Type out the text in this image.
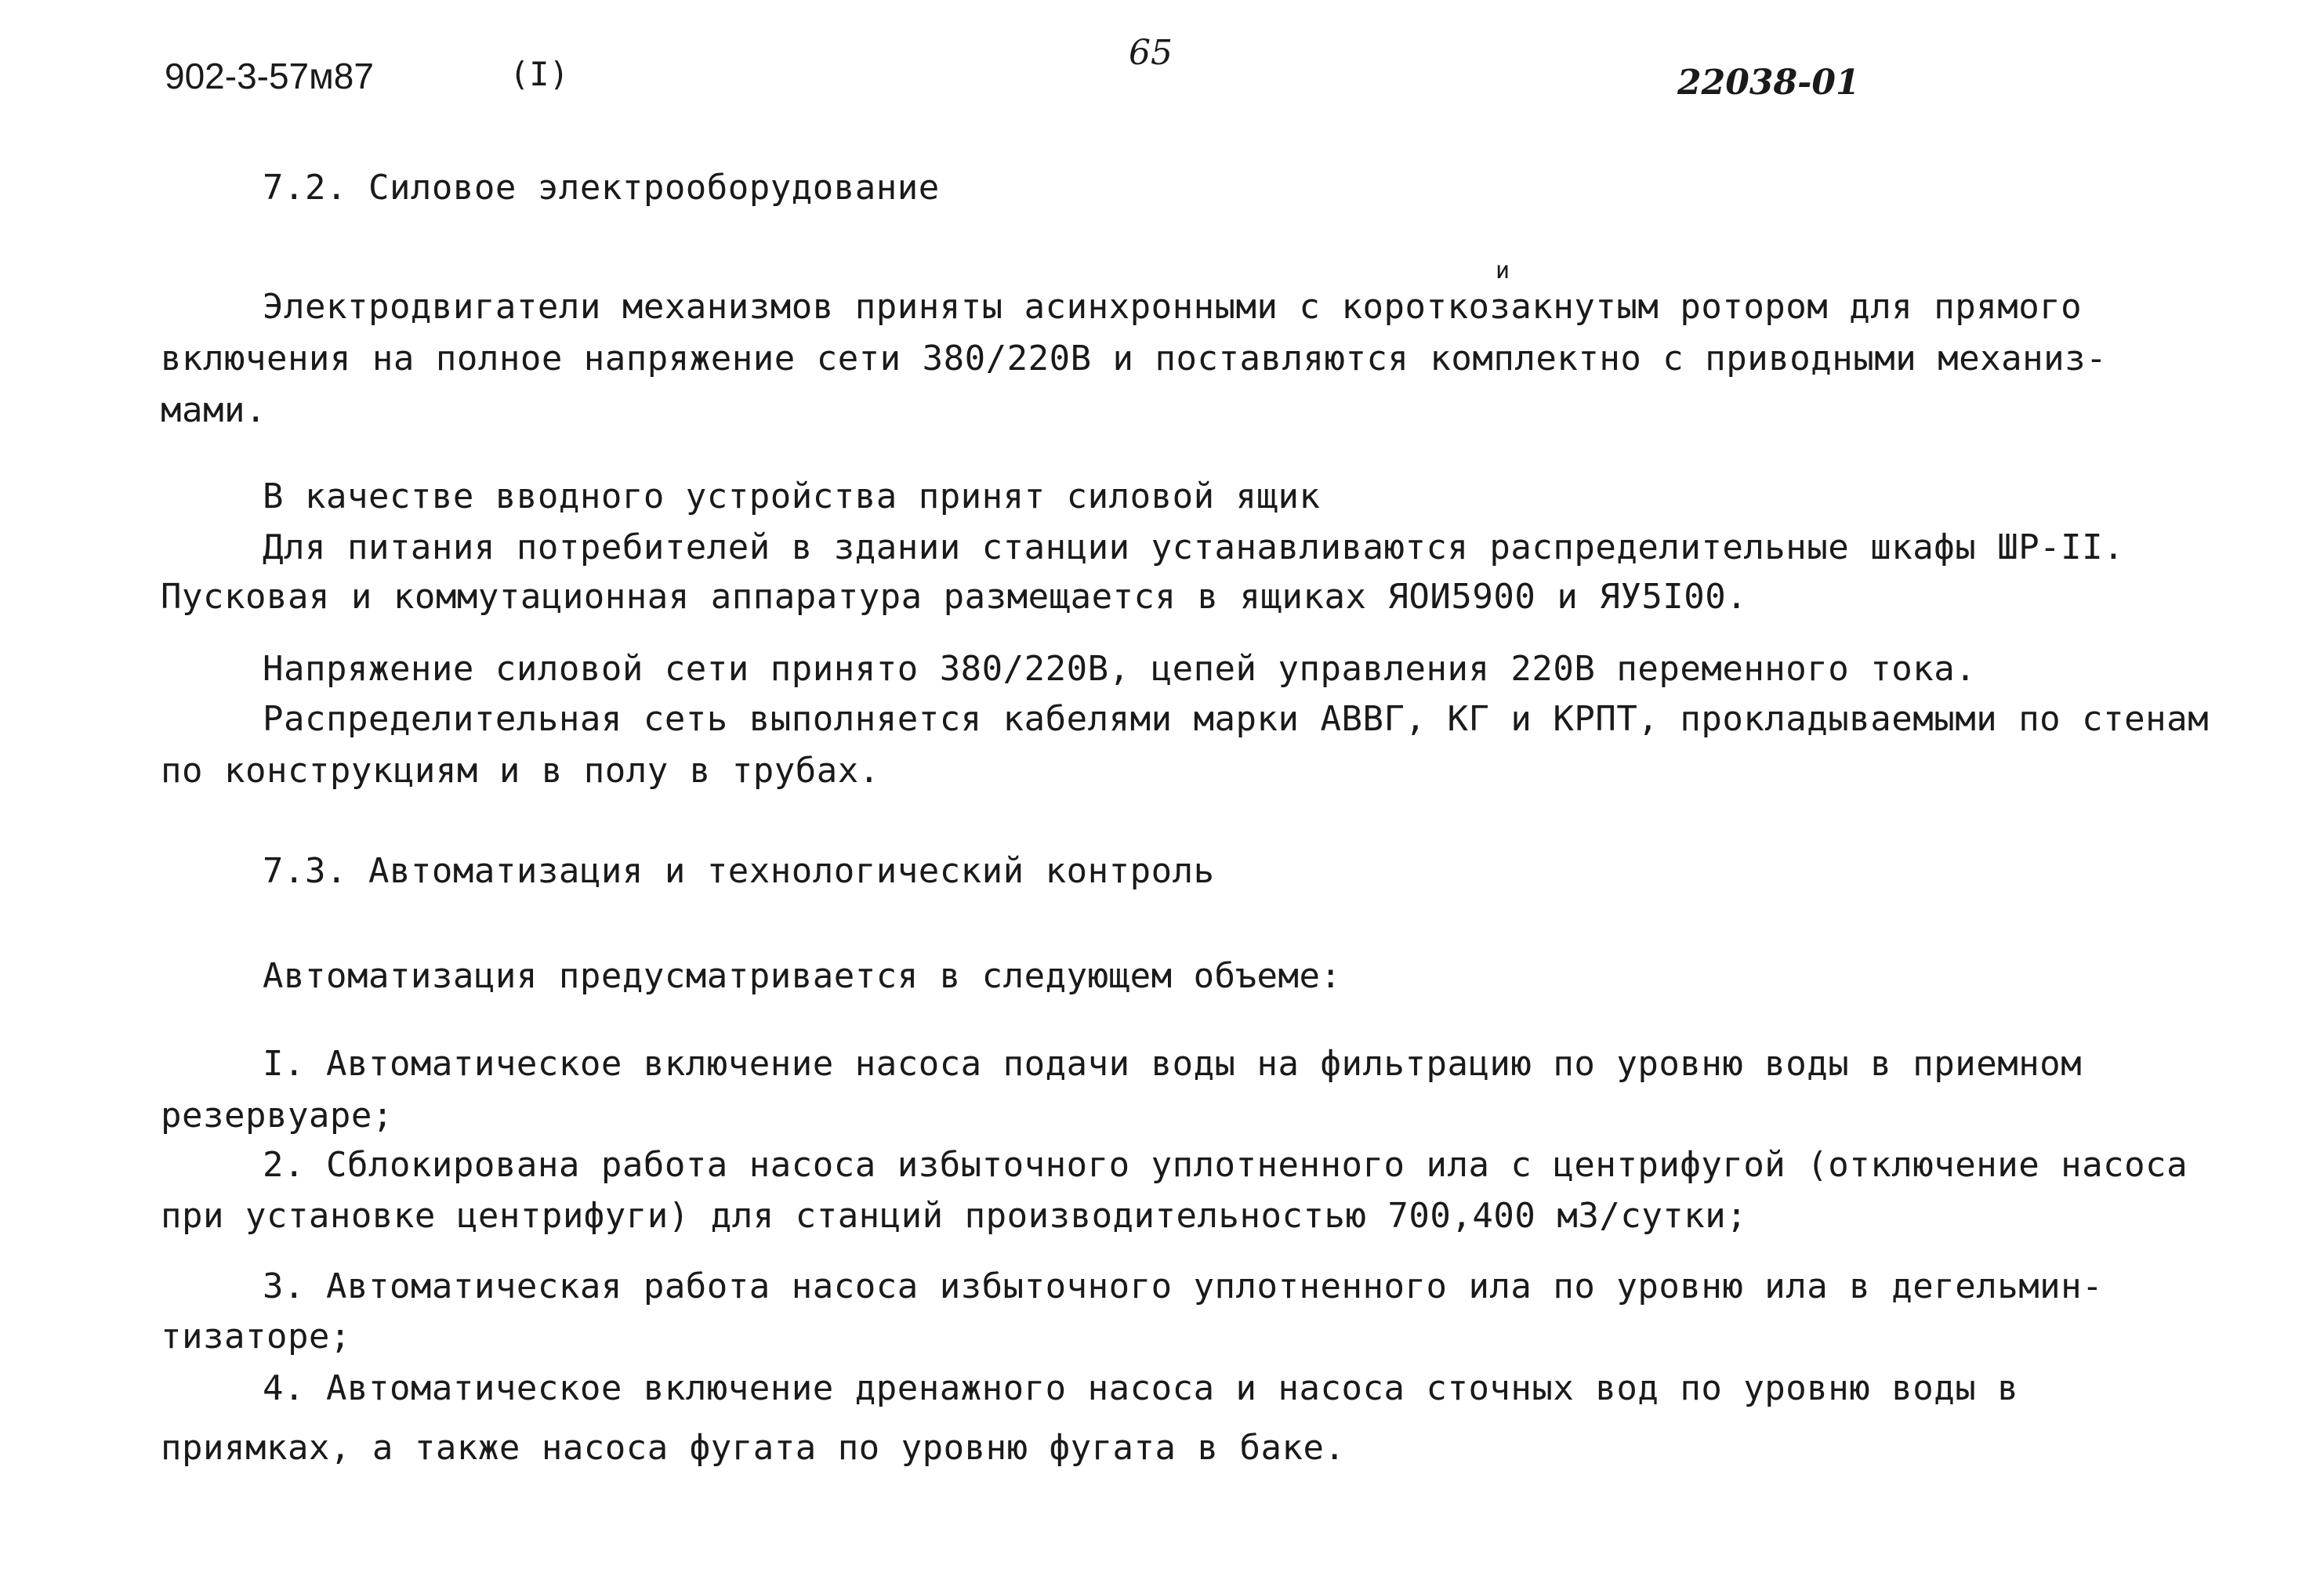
902-3-57м87	(I)
65
22038-01
7.2. Силовое электрооборудование
и
Электродвигатели механизмов приняты асинхронными с короткозакнутым ротором для прямого
включения на полное напряжение сети 380/220В и поставляются комплектно с приводными механиз-
мами.
В качестве вводного устройства принят силовой ящик
Для питания потребителей в здании станции устанавливаются распределительные шкафы ШР-II.
Пусковая и коммутационная аппаратура размещается в ящиках ЯОИ5900 и ЯУ5I00.
Напряжение силовой сети принято 380/220В, цепей управления 220В переменного тока.
Распределительная сеть выполняется кабелями марки АВВГ, КГ и КРПТ, прокладываемыми по стенам
по конструкциям и в полу в трубах.
7.3. Автоматизация и технологический контроль
Автоматизация предусматривается в следующем объеме:
I. Автоматическое включение насоса подачи воды на фильтрацию по уровню воды в приемном
резервуаре;
2. Сблокирована работа насоса избыточного уплотненного ила с центрифугой (отключение насоса
при установке центрифуги) для станций производительностью 700,400 м3/сутки;
3. Автоматическая работа насоса избыточного уплотненного ила по уровню ила в дегельмин-
тизаторе;
4. Автоматическое включение дренажного насоса и насоса сточных вод по уровню воды в
приямках, а также насоса фугата по уровню фугата в баке.
